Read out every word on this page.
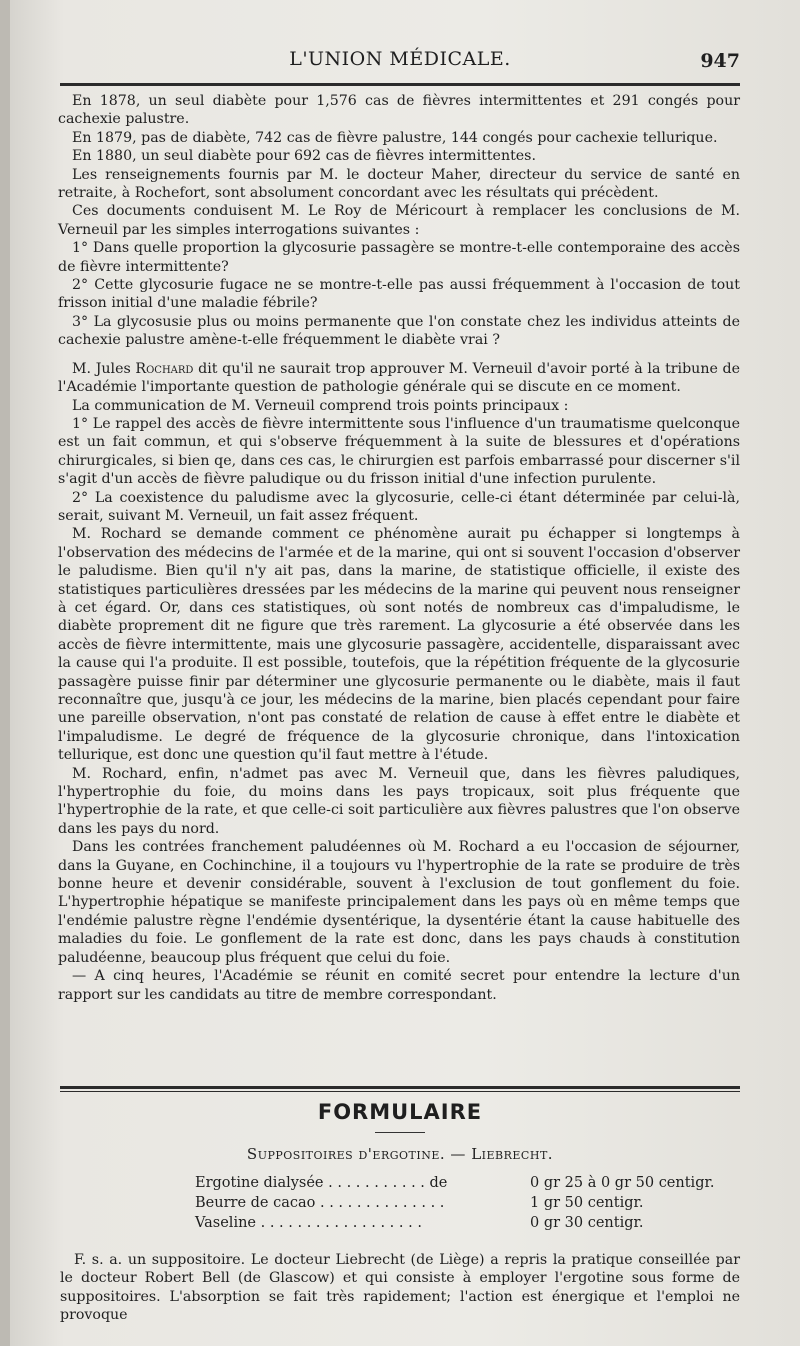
L'UNION MÉDICALE.	947

En 1878, un seul diabète pour 1,576 cas de fièvres intermittentes et 291 congés pour cachexie palustre.

En 1879, pas de diabète, 742 cas de fièvre palustre, 144 congés pour cachexie tellurique.

En 1880, un seul diabète pour 692 cas de fièvres intermittentes.

Les renseignements fournis par M. le docteur Maher, directeur du service de santé en retraite, à Rochefort, sont absolument concordant avec les résultats qui précèdent.

Ces documents conduisent M. Le Roy de Méricourt à remplacer les conclusions de M. Verneuil par les simples interrogations suivantes :

1° Dans quelle proportion la glycosurie passagère se montre-t-elle contemporaine des accès de fièvre intermittente?

2° Cette glycosurie fugace ne se montre-t-elle pas aussi fréquemment à l'occasion de tout frisson initial d'une maladie fébrile?

3° La glycosusie plus ou moins permanente que l'on constate chez les individus atteints de cachexie palustre amène-t-elle fréquemment le diabète vrai ?

M. Jules Rochard dit qu'il ne saurait trop approuver M. Verneuil d'avoir porté à la tribune de l'Académie l'importante question de pathologie générale qui se discute en ce moment.

La communication de M. Verneuil comprend trois points principaux :

1° Le rappel des accès de fièvre intermittente sous l'influence d'un traumatisme quelconque est un fait commun, et qui s'observe fréquemment à la suite de blessures et d'opérations chirurgicales, si bien qe, dans ces cas, le chirurgien est parfois embarrassé pour discerner s'il s'agit d'un accès de fièvre paludique ou du frisson initial d'une infection purulente.

2° La coexistence du paludisme avec la glycosurie, celle-ci étant déterminée par celui-là, serait, suivant M. Verneuil, un fait assez fréquent.

M. Rochard se demande comment ce phénomène aurait pu échapper si longtemps à l'observation des médecins de l'armée et de la marine, qui ont si souvent l'occasion d'observer le paludisme. Bien qu'il n'y ait pas, dans la marine, de statistique officielle, il existe des statistiques particulières dressées par les médecins de la marine qui peuvent nous renseigner à cet égard. Or, dans ces statistiques, où sont notés de nombreux cas d'impaludisme, le diabète proprement dit ne figure que très rarement. La glycosurie a été observée dans les accès de fièvre intermittente, mais une glycosurie passagère, accidentelle, disparaissant avec la cause qui l'a produite. Il est possible, toutefois, que la répétition fréquente de la glycosurie passagère puisse finir par déterminer une glycosurie permanente ou le diabète, mais il faut reconnaître que, jusqu'à ce jour, les médecins de la marine, bien placés cependant pour faire une pareille observation, n'ont pas constaté de relation de cause à effet entre le diabète et l'impaludisme. Le degré de fréquence de la glycosurie chronique, dans l'intoxication tellurique, est donc une question qu'il faut mettre à l'étude.

M. Rochard, enfin, n'admet pas avec M. Verneuil que, dans les fièvres paludiques, l'hypertrophie du foie, du moins dans les pays tropicaux, soit plus fréquente que l'hypertrophie de la rate, et que celle-ci soit particulière aux fièvres palustres que l'on observe dans les pays du nord.

Dans les contrées franchement paludéennes où M. Rochard a eu l'occasion de séjourner, dans la Guyane, en Cochinchine, il a toujours vu l'hypertrophie de la rate se produire de très bonne heure et devenir considérable, souvent à l'exclusion de tout gonflement du foie. L'hypertrophie hépatique se manifeste principalement dans les pays où en même temps que l'endémie palustre règne l'endémie dysentérique, la dysentérie étant la cause habituelle des maladies du foie. Le gonflement de la rate est donc, dans les pays chauds à constitution paludéenne, beaucoup plus fréquent que celui du foie.

— A cinq heures, l'Académie se réunit en comité secret pour entendre la lecture d'un rapport sur les candidats au titre de membre correspondant.

FORMULAIRE
Suppositoires d'ergotine. — Liebrecht.
Ergotine dialysée . . . . . . . . . . . de	0 gr 25 à 0 gr 50 centigr.
Beurre de cacao . . . . . . . . . . . . . .	1 gr 50 centigr.
Vaseline . . . . . . . . . . . . . . . . . .	0 gr 30 centigr.

F. s. a. un suppositoire. Le docteur Liebrecht (de Liège) a repris la pratique conseillée par le docteur Robert Bell (de Glascow) et qui consiste à employer l'ergotine sous forme de suppositoires. L'absorption se fait très rapidement; l'action est énergique et l'emploi ne provoque
